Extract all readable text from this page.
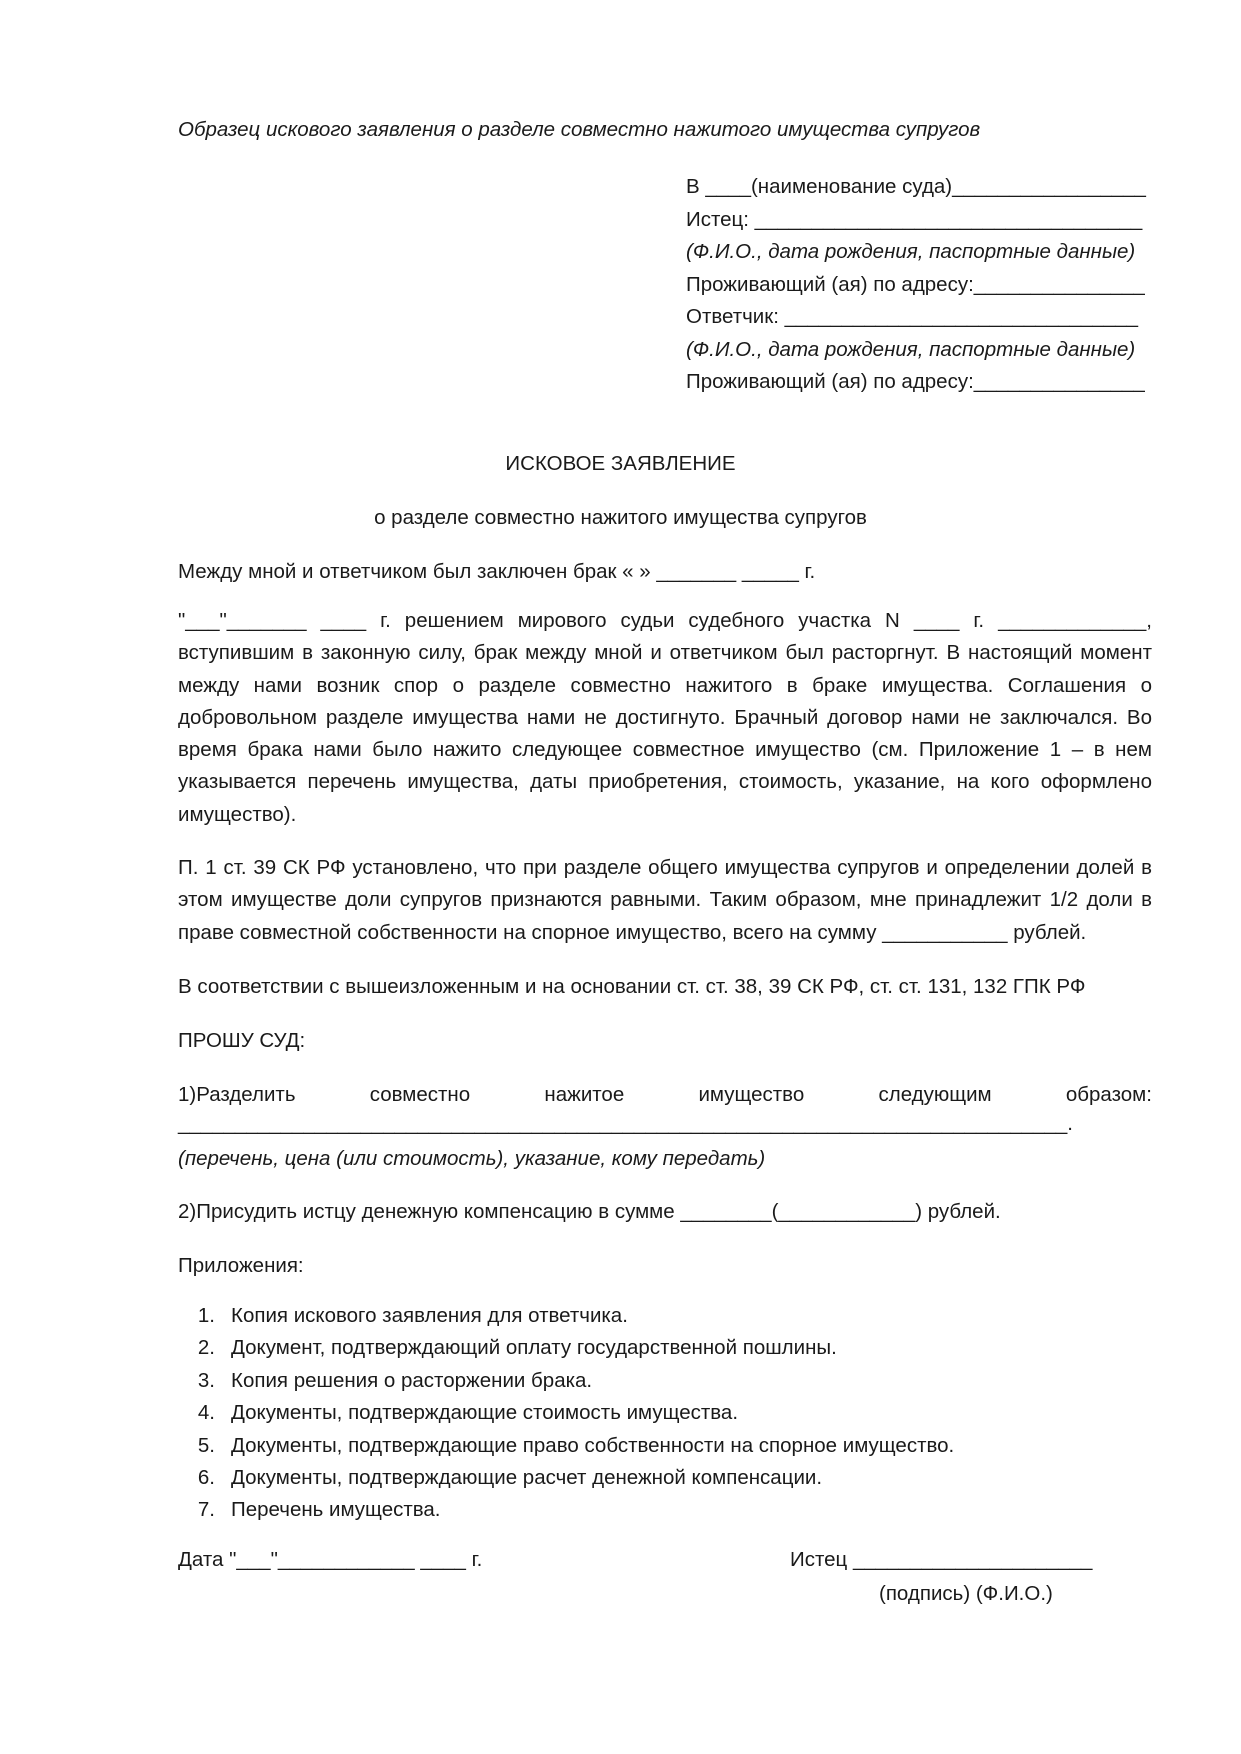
Образец искового заявления о разделе совместно нажитого имущества супругов
В ____(наименование суда)_________________
Истец: __________________________________
(Ф.И.О., дата рождения, паспортные данные)
Проживающий (ая) по адресу:_______________
Ответчик: _______________________________
(Ф.И.О., дата рождения, паспортные данные)
Проживающий (ая) по адресу:_______________
ИСКОВОЕ ЗАЯВЛЕНИЕ
о разделе совместно нажитого имущества супругов
Между мной и ответчиком был заключен брак « » _______ _____ г.
"___"_______ ____ г. решением мирового судьи судебного участка N ____ г. _____________, вступившим в законную силу, брак между мной и ответчиком был расторгнут. В настоящий момент между нами возник спор о разделе совместно нажитого в браке имущества. Соглашения о добровольном разделе имущества нами не достигнуто. Брачный договор нами не заключался. Во время брака нами было нажито следующее совместное имущество (см. Приложение 1 – в нем указывается перечень имущества, даты приобретения, стоимость, указание, на кого оформлено имущество).
П. 1 ст. 39 СК РФ установлено, что при разделе общего имущества супругов и определении долей в этом имуществе доли супругов признаются равными. Таким образом, мне принадлежит 1/2 доли в праве совместной собственности на спорное имущество, всего на сумму ___________ рублей.
В соответствии с вышеизложенным и на основании ст. ст. 38, 39 СК РФ, ст. ст. 131, 132 ГПК РФ
ПРОШУ СУД:
1)Разделить	совместно	нажитое	имущество	следующим	образом:
______________________________________________________________________________.
(перечень, цена (или стоимость), указание, кому передать)
2)Присудить истцу денежную компенсацию в сумме ________(____________) рублей.
Приложения:
1. Копия искового заявления для ответчика.
2. Документ, подтверждающий оплату государственной пошлины.
3. Копия решения о расторжении брака.
4. Документы, подтверждающие стоимость имущества.
5. Документы, подтверждающие право собственности на спорное имущество.
6. Документы, подтверждающие расчет денежной компенсации.
7. Перечень имущества.
Дата "___"____________ ____ г.	Истец _____________________
(подпись) (Ф.И.О.)
